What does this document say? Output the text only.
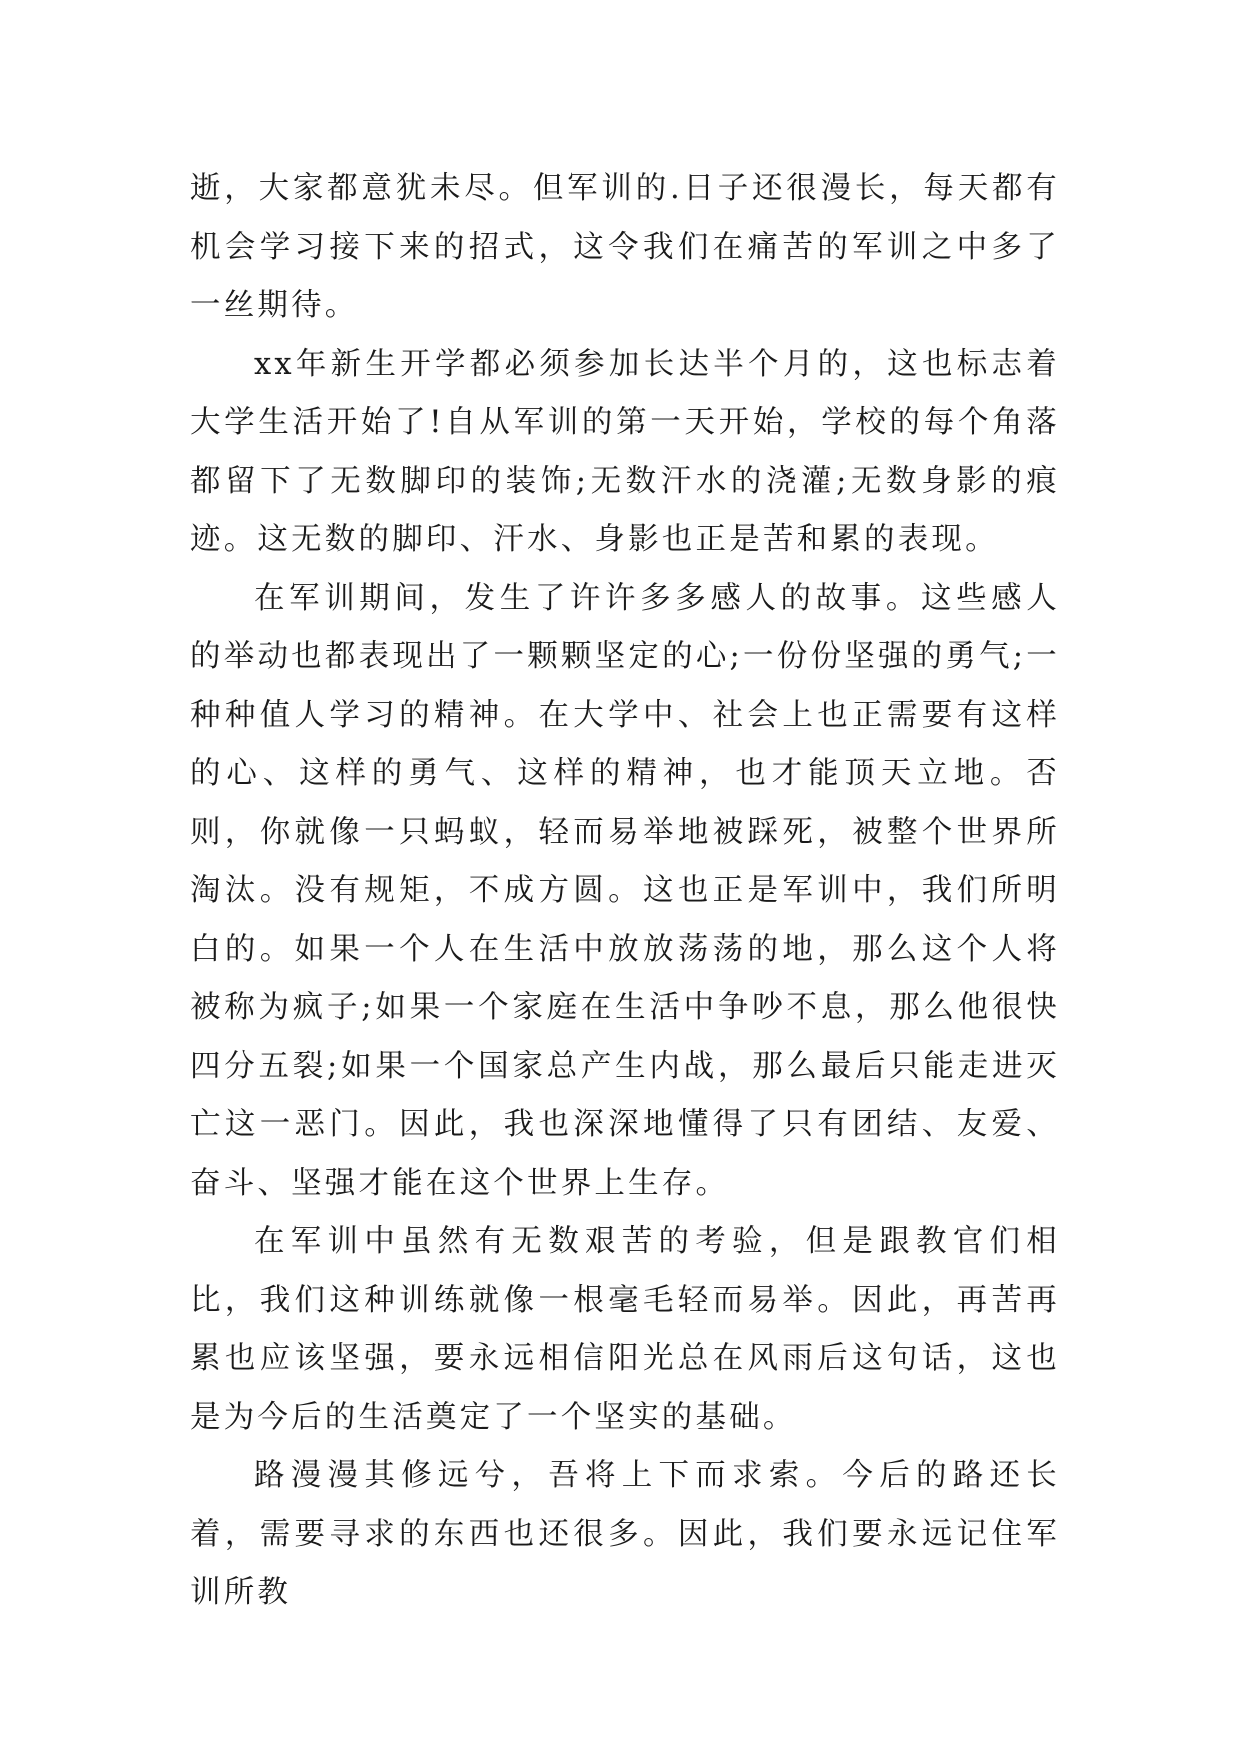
逝，大家都意犹未尽。但军训的.日子还很漫长，每天都有机会学习接下来的招式，这令我们在痛苦的军训之中多了一丝期待。

xx年新生开学都必须参加长达半个月的，这也标志着大学生活开始了!自从军训的第一天开始，学校的每个角落都留下了无数脚印的装饰;无数汗水的浇灌;无数身影的痕迹。这无数的脚印、汗水、身影也正是苦和累的表现。

在军训期间，发生了许许多多感人的故事。这些感人的举动也都表现出了一颗颗坚定的心;一份份坚强的勇气;一种种值人学习的精神。在大学中、社会上也正需要有这样的心、这样的勇气、这样的精神，也才能顶天立地。否则，你就像一只蚂蚁，轻而易举地被踩死，被整个世界所淘汰。没有规矩，不成方圆。这也正是军训中，我们所明白的。如果一个人在生活中放放荡荡的地，那么这个人将被称为疯子;如果一个家庭在生活中争吵不息，那么他很快四分五裂;如果一个国家总产生内战，那么最后只能走进灭亡这一恶门。因此，我也深深地懂得了只有团结、友爱、奋斗、坚强才能在这个世界上生存。

在军训中虽然有无数艰苦的考验，但是跟教官们相比，我们这种训练就像一根毫毛轻而易举。因此，再苦再累也应该坚强，要永远相信阳光总在风雨后这句话，这也是为今后的生活奠定了一个坚实的基础。

路漫漫其修远兮，吾将上下而求索。今后的路还长着，需要寻求的东西也还很多。因此，我们要永远记住军训所教
